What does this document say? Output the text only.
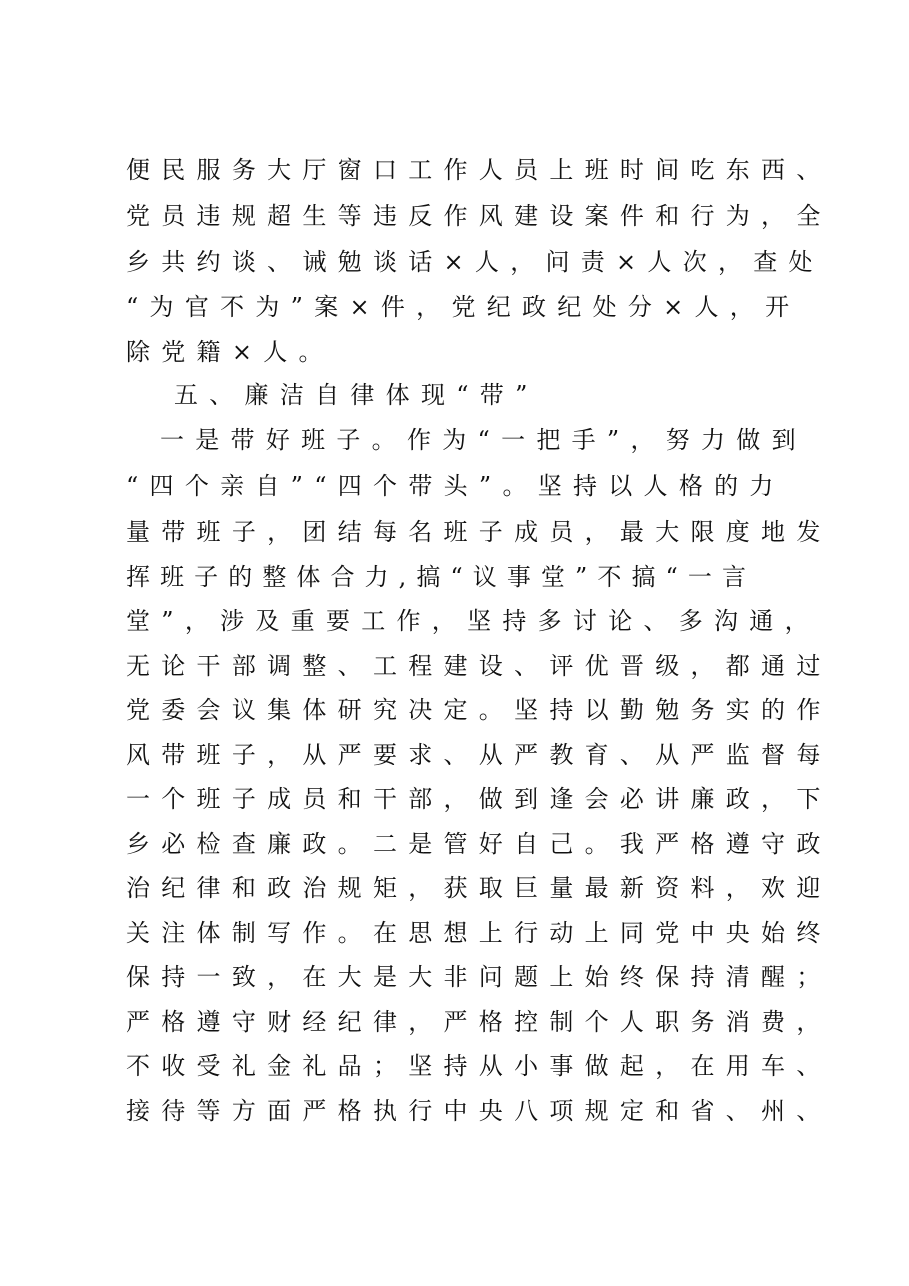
便民服务大厅窗口工作人员上班时间吃东西、
党员违规超生等违反作风建设案件和行为，全
乡共约谈、诫勉谈话×人，问责×人次，查处
“为官不为”案×件，党纪政纪处分×人，开
除党籍×人。
五、廉洁自律体现“带”
一是带好班子。作为“一把手”，努力做到
“四个亲自”“四个带头”。坚持以人格的力
量带班子，团结每名班子成员，最大限度地发
挥班子的整体合力,搞“议事堂”不搞“一言
堂”，涉及重要工作，坚持多讨论、多沟通，
无论干部调整、工程建设、评优晋级，都通过
党委会议集体研究决定。坚持以勤勉务实的作
风带班子，从严要求、从严教育、从严监督每
一个班子成员和干部，做到逢会必讲廉政，下
乡必检查廉政。二是管好自己。我严格遵守政
治纪律和政治规矩，获取巨量最新资料，欢迎
关注体制写作。在思想上行动上同党中央始终
保持一致，在大是大非问题上始终保持清醒；
严格遵守财经纪律，严格控制个人职务消费，
不收受礼金礼品；坚持从小事做起，在用车、
接待等方面严格执行中央八项规定和省、州、
